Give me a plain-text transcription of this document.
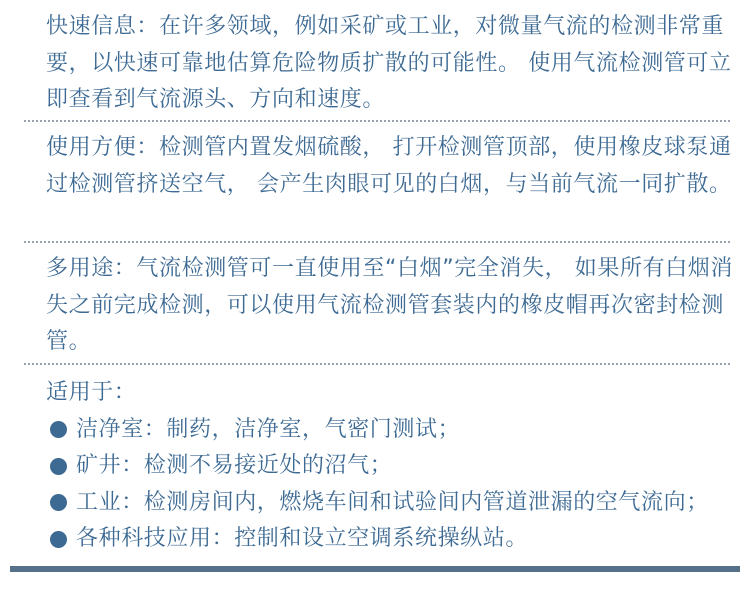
快速信息：在许多领域，例如采矿或工业，对微量气流的检测非常重要，以快速可靠地估算危险物质扩散的可能性。 使用气流检测管可立即查看到气流源头、方向和速度。

使用方便：检测管内置发烟硫酸， 打开检测管顶部，使用橡皮球泵通过检测管挤送空气， 会产生肉眼可见的白烟，与当前气流一同扩散。

多用途：气流检测管可一直使用至“白烟”完全消失， 如果所有白烟消失之前完成检测，可以使用气流检测管套装内的橡皮帽再次密封检测管。

适用于：

洁净室：制药，洁净室，气密门测试；
矿井：检测不易接近处的沼气；
工业：检测房间内，燃烧车间和试验间内管道泄漏的空气流向；
各种科技应用：控制和设立空调系统操纵站。
